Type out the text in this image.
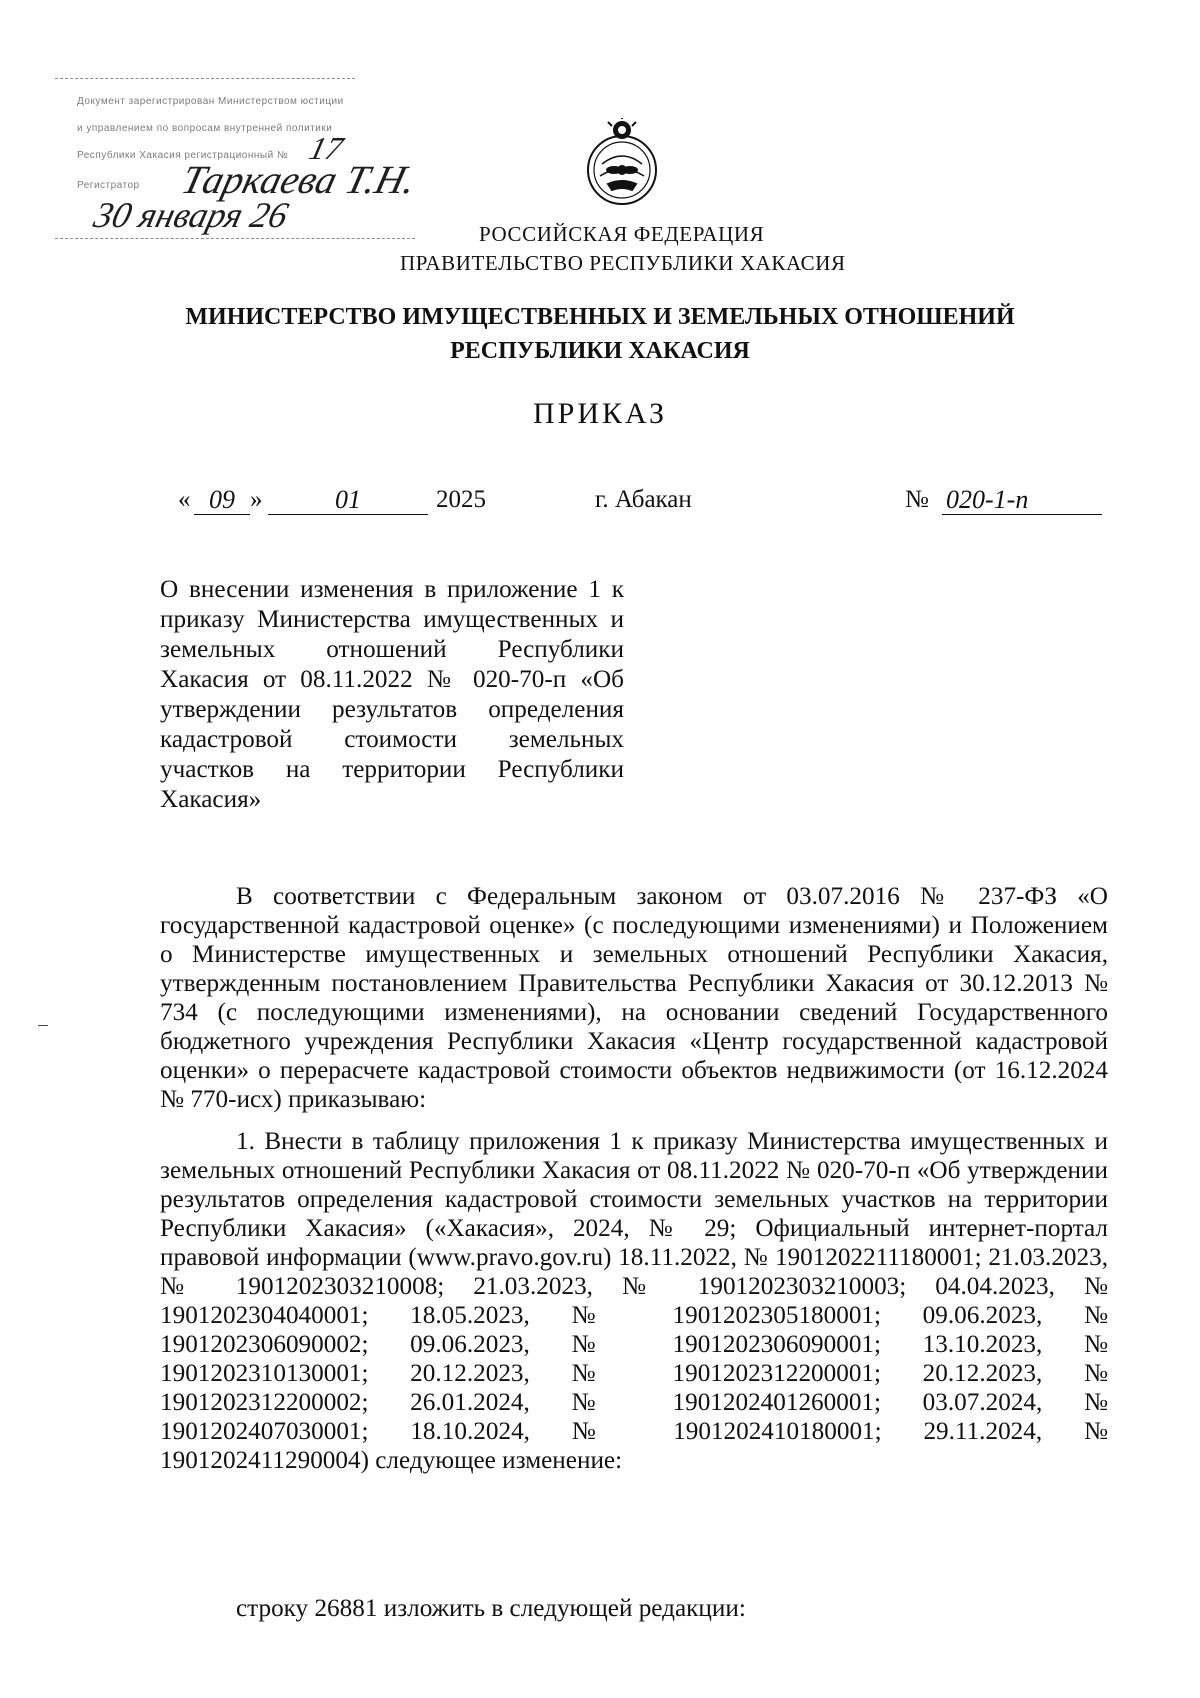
Документ зарегистрирован Министерством юстиции
и управлением по вопросам внутренней политики
Республики Хакасия регистрационный № 17
Регистратор Таркаева Т.Н.
30 января 26	РОССИЙСКАЯ ФЕДЕРАЦИЯ
ПРАВИТЕЛЬСТВО РЕСПУБЛИКИ ХАКАСИЯ
МИНИСТЕРСТВО ИМУЩЕСТВЕННЫХ И ЗЕМЕЛЬНЫХ ОТНОШЕНИЙ
РЕСПУБЛИКИ ХАКАСИЯ
ПРИКАЗ
« 09 »	01	2025	г. Абакан	№ 020-1-п

О внесении изменения в приложение 1 к приказу Министерства имущественных и земельных отношений Республики Хакасия от 08.11.2022 № 020-70-п «Об утверждении результатов определения кадастровой стоимости земельных участков на территории Республики Хакасия»

В соответствии с Федеральным законом от 03.07.2016 № 237-ФЗ «О государственной кадастровой оценке» (с последующими изменениями) и Положением о Министерстве имущественных и земельных отношений Республики Хакасия, утвержденным постановлением Правительства Республики Хакасия от 30.12.2013 № 734 (с последующими изменениями), на основании сведений Государственного бюджетного учреждения Республики Хакасия «Центр государственной кадастровой оценки» о перерасчете кадастровой стоимости объектов недвижимости (от 16.12.2024 № 770-исх) приказываю:

1. Внести в таблицу приложения 1 к приказу Министерства имущественных и земельных отношений Республики Хакасия от 08.11.2022 № 020-70-п «Об утверждении результатов определения кадастровой стоимости земельных участков на территории Республики Хакасия» («Хакасия», 2024, № 29; Официальный интернет-портал правовой информации (www.pravo.gov.ru) 18.11.2022, № 1901202211180001; 21.03.2023, № 1901202303210008; 21.03.2023, № 1901202303210003; 04.04.2023, № 1901202304040001; 18.05.2023, № 1901202305180001; 09.06.2023, № 1901202306090002; 09.06.2023, № 1901202306090001; 13.10.2023, № 1901202310130001; 20.12.2023, № 1901202312200001; 20.12.2023, № 1901202312200002; 26.01.2024, № 1901202401260001; 03.07.2024, № 1901202407030001; 18.10.2024, № 1901202410180001; 29.11.2024, № 1901202411290004) следующее изменение:

строку 26881 изложить в следующей редакции:
